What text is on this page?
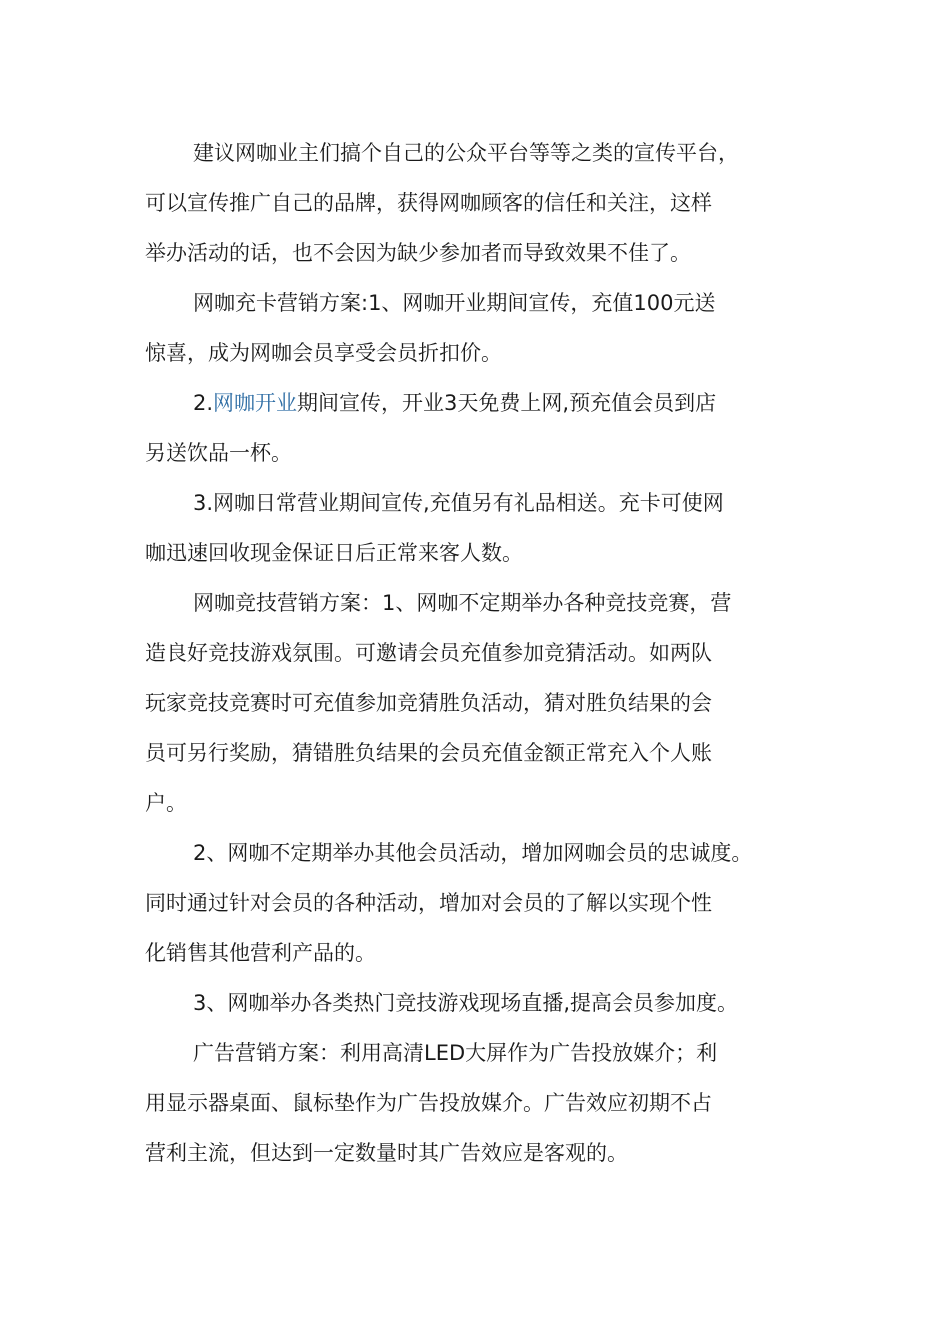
建议网咖业主们搞个自己的公众平台等等之类的宣传平台，
可以宣传推广自己的品牌，获得网咖顾客的信任和关注，这样
举办活动的话，也不会因为缺少参加者而导致效果不佳了。
网咖充卡营销方案:1、网咖开业期间宣传，充值100元送
惊喜，成为网咖会员享受会员折扣价。
2.网咖开业期间宣传，开业3天免费上网,预充值会员到店
另送饮品一杯。
3.网咖日常营业期间宣传,充值另有礼品相送。充卡可使网
咖迅速回收现金保证日后正常来客人数。
网咖竞技营销方案：1、网咖不定期举办各种竞技竞赛，营
造良好竞技游戏氛围。可邀请会员充值参加竞猜活动。如两队
玩家竞技竞赛时可充值参加竞猜胜负活动，猜对胜负结果的会
员可另行奖励，猜错胜负结果的会员充值金额正常充入个人账
户。
2、网咖不定期举办其他会员活动，增加网咖会员的忠诚度。
同时通过针对会员的各种活动，增加对会员的了解以实现个性
化销售其他营利产品的。
3、网咖举办各类热门竞技游戏现场直播,提高会员参加度。
广告营销方案：利用高清LED大屏作为广告投放媒介；利
用显示器桌面、鼠标垫作为广告投放媒介。广告效应初期不占
营利主流，但达到一定数量时其广告效应是客观的。
